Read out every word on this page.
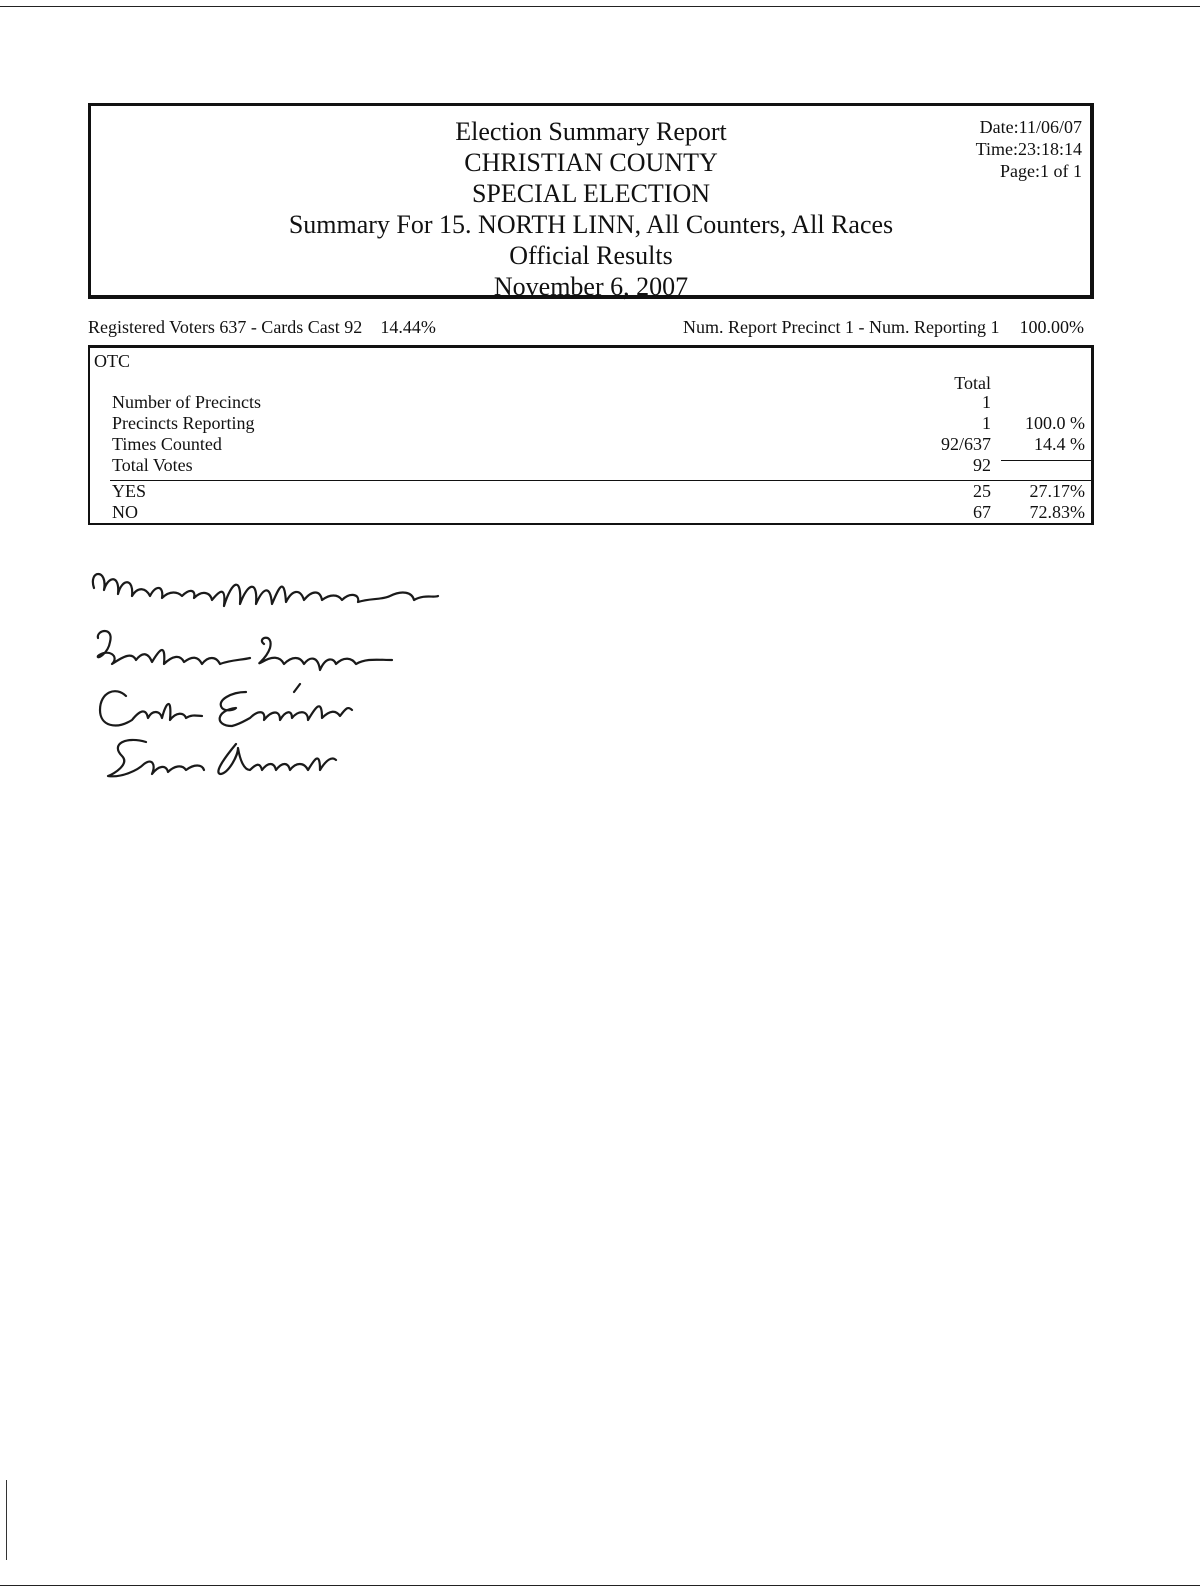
Election Summary Report
CHRISTIAN COUNTY
SPECIAL ELECTION
Summary For 15. NORTH LINN, All Counters, All Races
Official Results
November 6, 2007
Date:11/06/07
Time:23:18:14
Page:1 of 1
Registered Voters 637 - Cards Cast 92 14.44%	Num. Report Precinct 1 - Num. Reporting 1 100.00%
OTC
Total
Number of Precincts	1
Precincts Reporting	1 100.0 %
Times Counted	92/637 14.4 %
Total Votes	92
YES	25 27.17%
NO	67 72.83%
